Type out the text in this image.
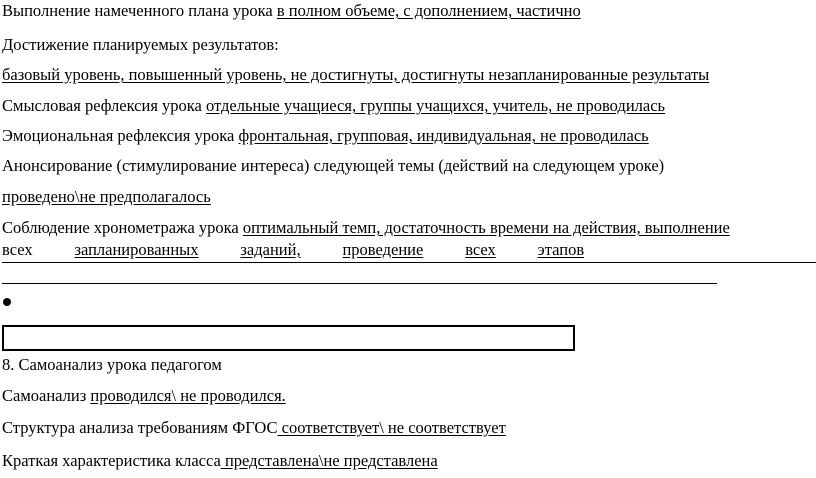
Выполнение намеченного плана урока в полном объеме, с дополнением, частично
Достижение планируемых результатов:
базовый уровень, повышенный уровень, не достигнуты, достигнуты незапланированные результаты
Смысловая рефлексия урока отдельные учащиеся, группы учащихся, учитель, не проводилась
Эмоциональная рефлексия урока фронтальная, групповая, индивидуальная, не проводилась
Анонсирование (стимулирование интереса) следующей темы (действий на следующем уроке)
проведено\не предполагалось
Соблюдение хронометража урока оптимальный темп, достаточность времени на действия, выполнение
всех	запланированных	заданий,	проведение	всех	этапов
8. Самоанализ урока педагогом
Самоанализ проводился\ не проводился.
Структура анализа требованиям ФГОС соответствует\ не соответствует
Краткая характеристика класса представлена\не представлена
